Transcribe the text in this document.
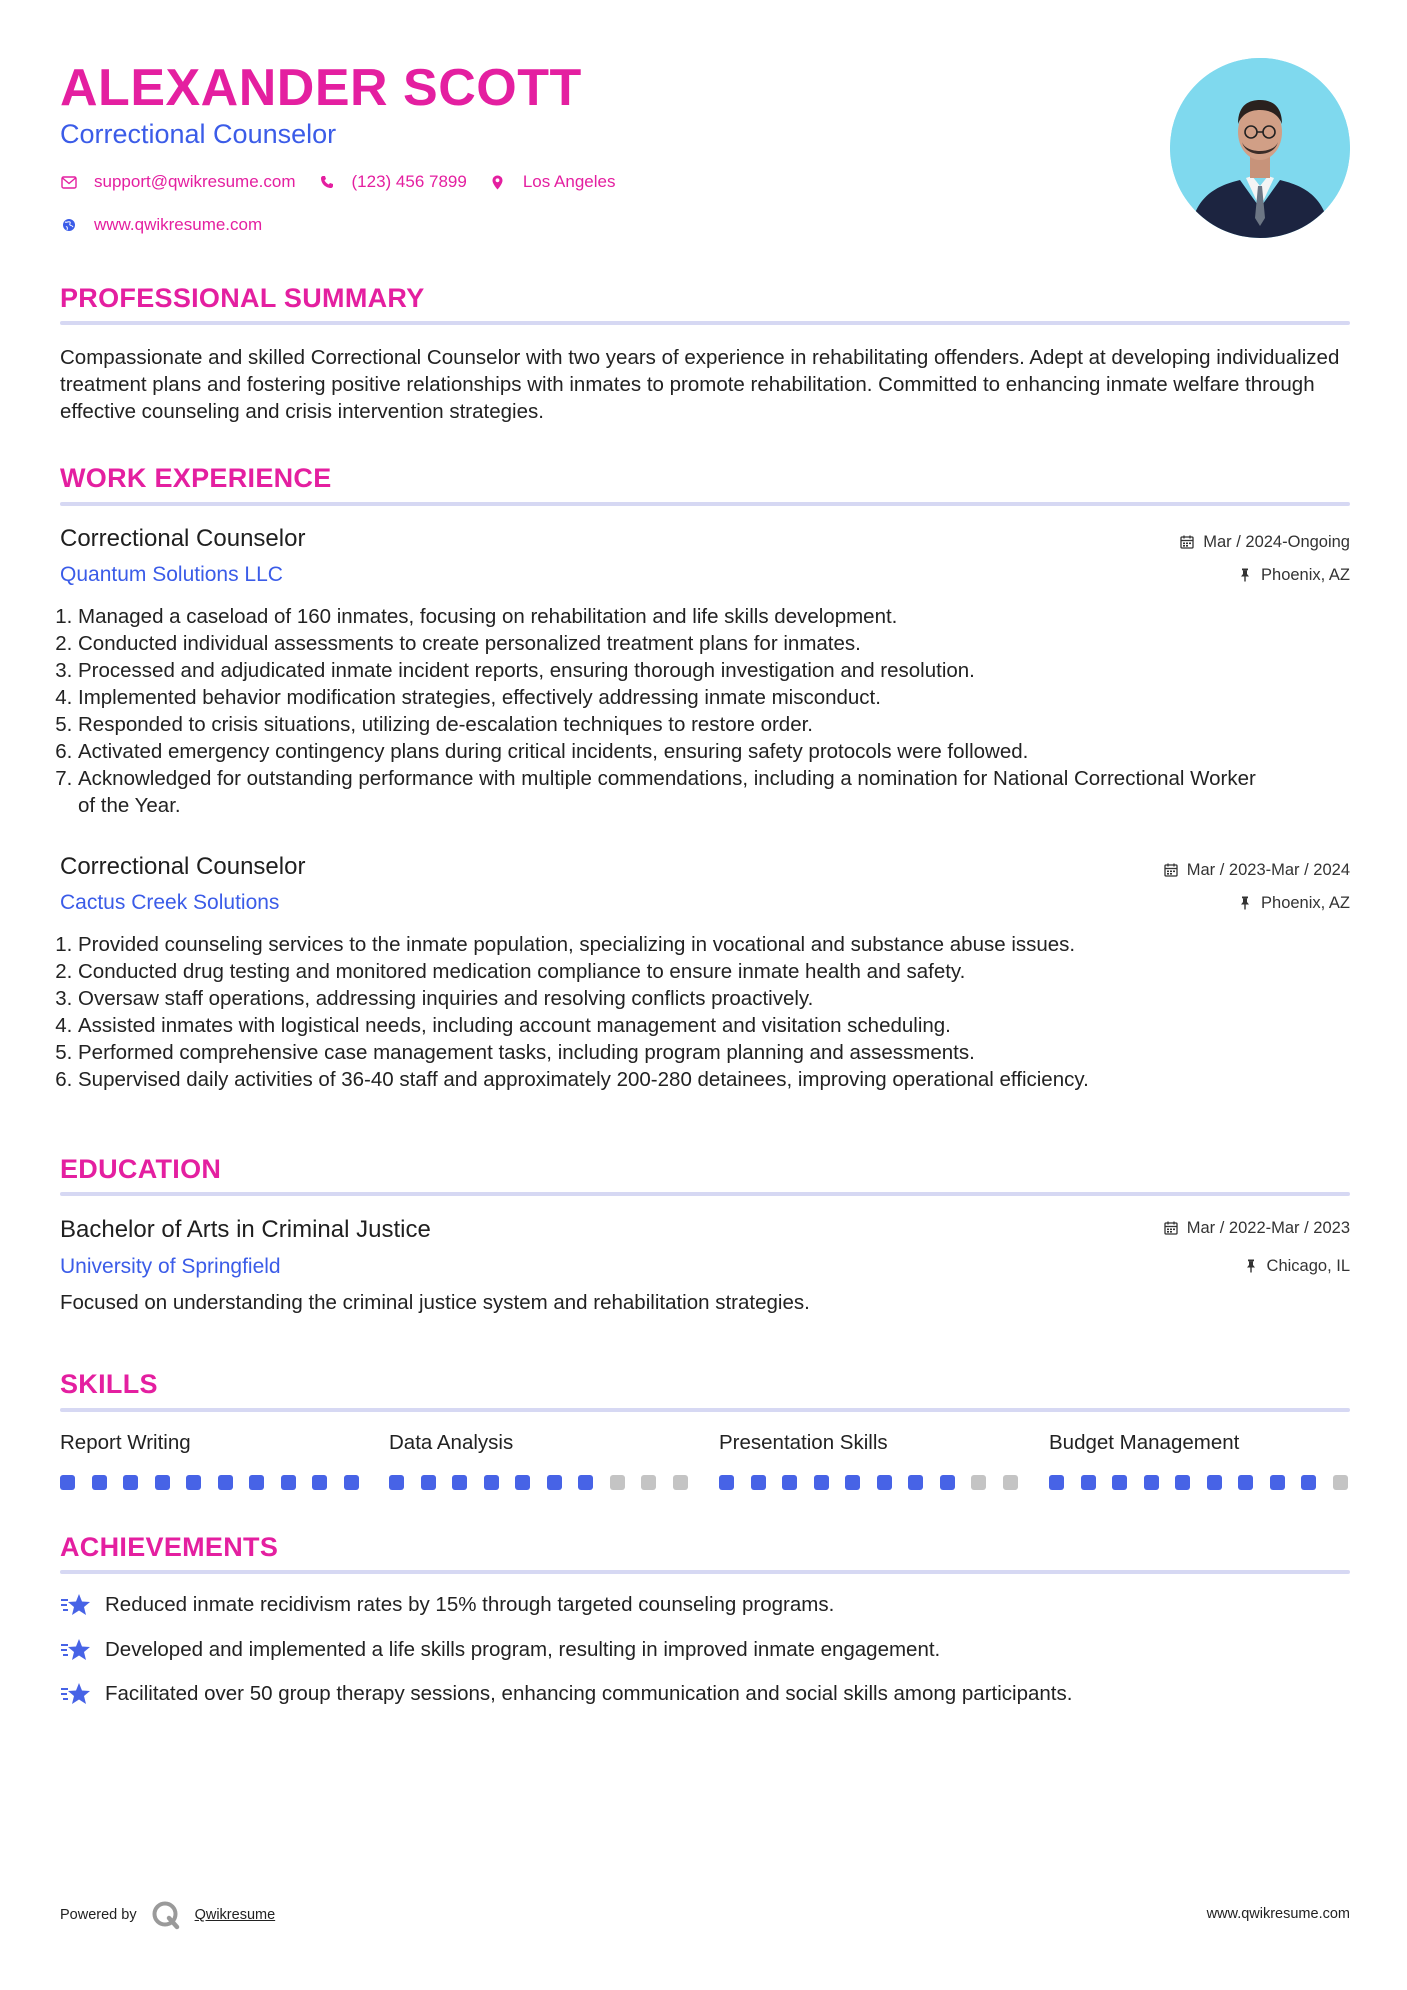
ALEXANDER SCOTT
Correctional Counselor
support@qwikresume.com	(123) 456 7899	Los Angeles
www.qwikresume.com
PROFESSIONAL SUMMARY
Compassionate and skilled Correctional Counselor with two years of experience in rehabilitating offenders. Adept at developing individualized treatment plans and fostering positive relationships with inmates to promote rehabilitation. Committed to enhancing inmate welfare through effective counseling and crisis intervention strategies.
WORK EXPERIENCE
Correctional Counselor	Mar / 2024-Ongoing
Quantum Solutions LLC	Phoenix, AZ
1. Managed a caseload of 160 inmates, focusing on rehabilitation and life skills development.
2. Conducted individual assessments to create personalized treatment plans for inmates.
3. Processed and adjudicated inmate incident reports, ensuring thorough investigation and resolution.
4. Implemented behavior modification strategies, effectively addressing inmate misconduct.
5. Responded to crisis situations, utilizing de-escalation techniques to restore order.
6. Activated emergency contingency plans during critical incidents, ensuring safety protocols were followed.
7. Acknowledged for outstanding performance with multiple commendations, including a nomination for National Correctional Worker of the Year.
Correctional Counselor	Mar / 2023-Mar / 2024
Cactus Creek Solutions	Phoenix, AZ
1. Provided counseling services to the inmate population, specializing in vocational and substance abuse issues.
2. Conducted drug testing and monitored medication compliance to ensure inmate health and safety.
3. Oversaw staff operations, addressing inquiries and resolving conflicts proactively.
4. Assisted inmates with logistical needs, including account management and visitation scheduling.
5. Performed comprehensive case management tasks, including program planning and assessments.
6. Supervised daily activities of 36-40 staff and approximately 200-280 detainees, improving operational efficiency.
EDUCATION
Bachelor of Arts in Criminal Justice	Mar / 2022-Mar / 2023
University of Springfield	Chicago, IL
Focused on understanding the criminal justice system and rehabilitation strategies.
SKILLS
Report Writing	Data Analysis	Presentation Skills	Budget Management
ACHIEVEMENTS
Reduced inmate recidivism rates by 15% through targeted counseling programs.
Developed and implemented a life skills program, resulting in improved inmate engagement.
Facilitated over 50 group therapy sessions, enhancing communication and social skills among participants.
Powered by	Qwikresume	www.qwikresume.com
